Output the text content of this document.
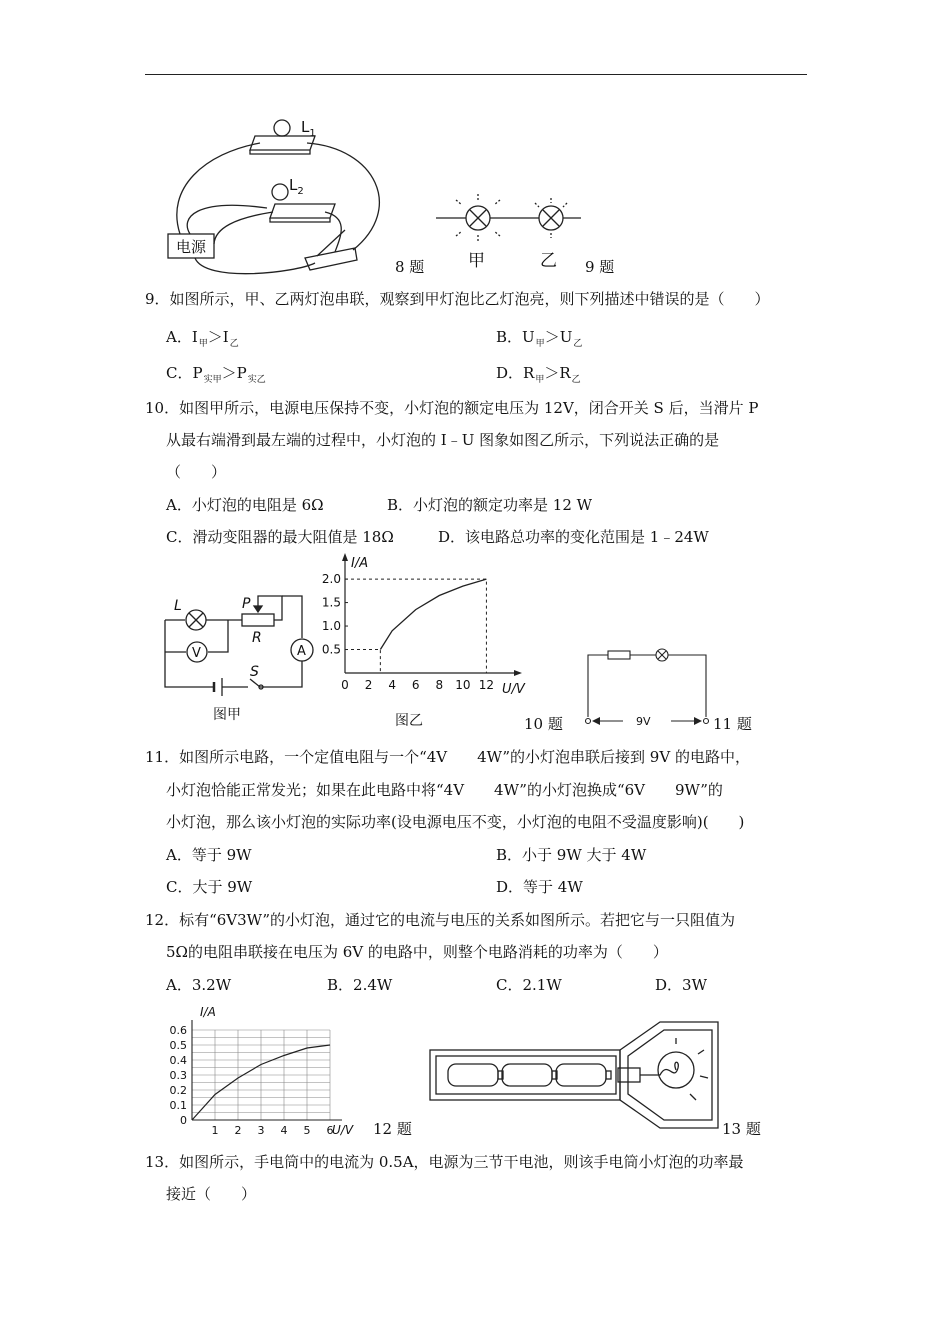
电源
$L_1$
$L_2$
8 题	甲	乙 9 题
9．如图所示，甲、乙两灯泡串联，观察到甲灯泡比乙灯泡亮，则下列描述中错误的是（　　）
A．$I_甲>I_乙$	B．$U_甲>U_乙$
C．$P_{实甲}>P_{实乙}$	D．$R_甲>R_乙$
10．如图甲所示，电源电压保持不变，小灯泡的额定电压为 12V，闭合开关 S 后，当滑片 P
从最右端滑到最左端的过程中，小灯泡的 I﹣U 图象如图乙所示，下列说法正确的是
（　　）
A．小灯泡的电阻是 6Ω	B．小灯泡的额定功率是 12 W
C．滑动变阻器的最大阻值是 18Ω	D．该电路总功率的变化范围是 1﹣24W
L	P
R
V	A
S
图甲
0 2 4 6 8 10 12
0.5
1.0
1.5
2.0
I/A
U/V
图乙	10 题	9V	11 题
11．如图所示电路，一个定值电阻与一个“4V　　4W”的小灯泡串联后接到 9V 的电路中，
小灯泡恰能正常发光；如果在此电路中将“4V　　4W”的小灯泡换成“6V　　9W”的
小灯泡，那么该小灯泡的实际功率(设电源电压不变，小灯泡的电阻不受温度影响)(　　)
A．等于 9W	B．小于 9W 大于 4W
C．大于 9W	D．等于 4W
12．标有“6V3W”的小灯泡，通过它的电流与电压的关系如图所示。若把它与一只阻值为
5Ω的电阻串联接在电压为 6V 的电路中，则整个电路消耗的功率为（　　）
A．3.2W	B．2.4W	C．2.1W	D．3W
1 2 3 4 5 6
0
0.1
0.2
0.3
0.4
0.5
0.6
I/A
U/V 12 题	13 题
13．如图所示，手电筒中的电流为 0.5A，电源为三节干电池，则该手电筒小灯泡的功率最
接近（　　）
